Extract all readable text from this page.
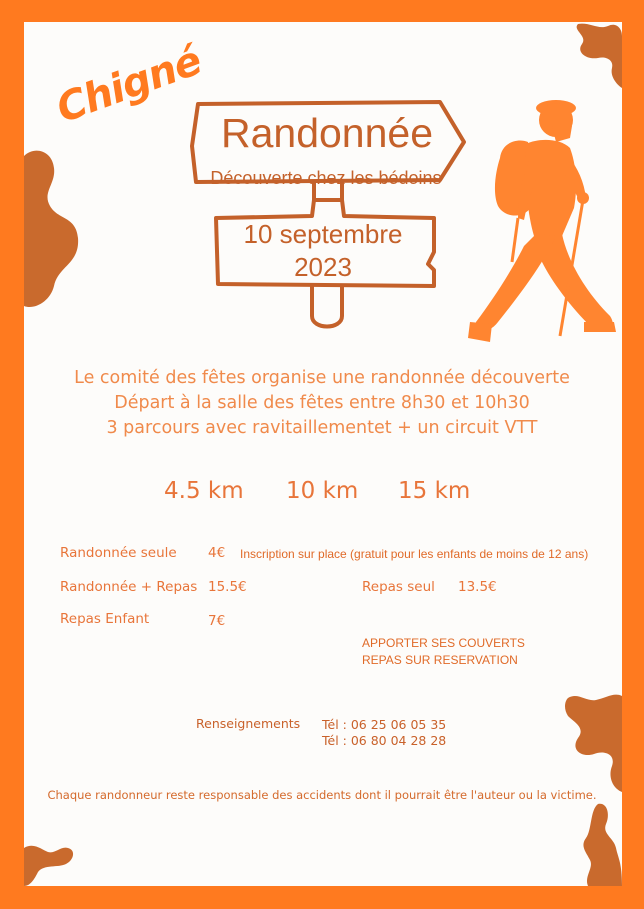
Chigné
Randonnée
Découverte chez les bédoins
10 septembre
2023
Le comité des fêtes organise une randonnée découverte
Départ à la salle des fêtes entre 8h30 et 10h30
3 parcours avec ravitaillementet + un circuit VTT
4.5 km 10 km 15 km
Randonnée seule 4€ Inscription sur place (gratuit pour les enfants de moins de 12 ans)
Randonnée + Repas 15.5€	Repas seul 13.5€
Repas Enfant	7€
APPORTER SES COUVERTS
REPAS SUR RESERVATION
Renseignements Tél : 06 25 06 05 35
Tél : 06 80 04 28 28
Chaque randonneur reste responsable des accidents dont il pourrait être l'auteur ou la victime.
